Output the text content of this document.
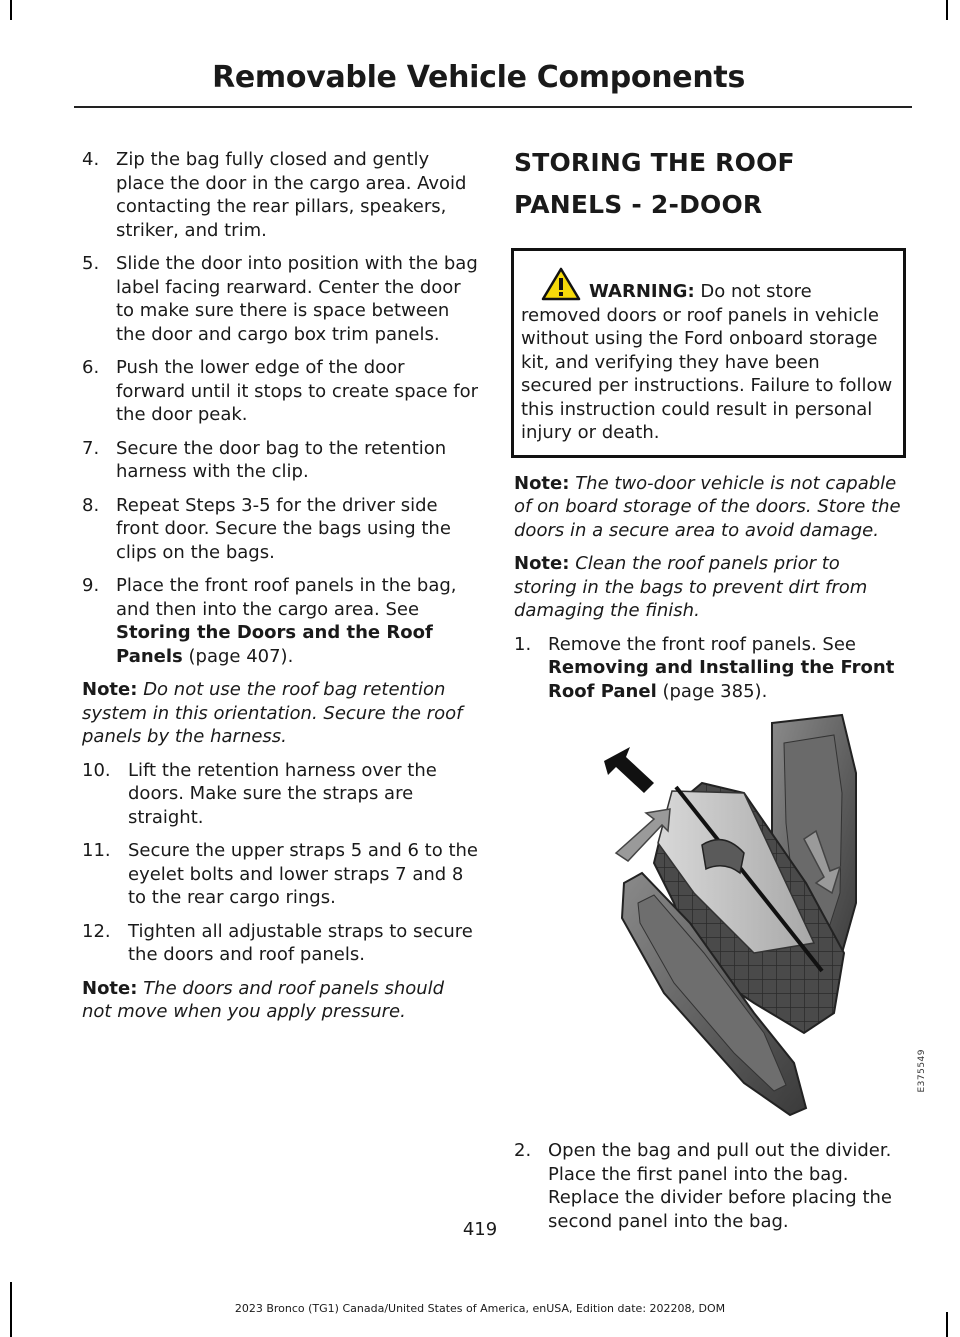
Removable Vehicle Components
4. Zip the bag fully closed and gently place the door in the cargo area. Avoid contacting the rear pillars, speakers, striker, and trim.
5. Slide the door into position with the bag label facing rearward. Center the door to make sure there is space between the door and cargo box trim panels.
6. Push the lower edge of the door forward until it stops to create space for the door peak.
7. Secure the door bag to the retention harness with the clip.
8. Repeat Steps 3-5 for the driver side front door. Secure the bags using the clips on the bags.
9. Place the front roof panels in the bag, and then into the cargo area. See Storing the Doors and the Roof Panels (page 407).
Note: Do not use the roof bag retention system in this orientation. Secure the roof panels by the harness.
10. Lift the retention harness over the doors. Make sure the straps are straight.
11. Secure the upper straps 5 and 6 to the eyelet bolts and lower straps 7 and 8 to the rear cargo rings.
12. Tighten all adjustable straps to secure the doors and roof panels.
Note: The doors and roof panels should not move when you apply pressure.
STORING THE ROOF PANELS - 2-DOOR
WARNING: Do not store removed doors or roof panels in vehicle without using the Ford onboard storage kit, and verifying they have been secured per instructions. Failure to follow this instruction could result in personal injury or death.
Note: The two-door vehicle is not capable of on board storage of the doors. Store the doors in a secure area to avoid damage.
Note: Clean the roof panels prior to storing in the bags to prevent dirt from damaging the finish.
1. Remove the front roof panels. See Removing and Installing the Front Roof Panel (page 385).
E375549
2. Open the bag and pull out the divider. Place the first panel into the bag. Replace the divider before placing the second panel into the bag.
419
2023 Bronco (TG1) Canada/United States of America, enUSA, Edition date: 202208, DOM
